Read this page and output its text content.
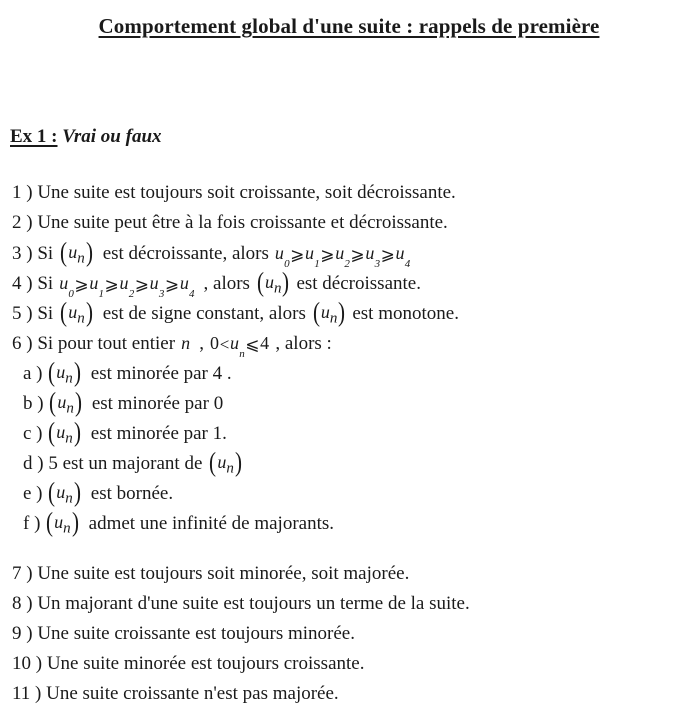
Comportement global d'une suite : rappels de première
Ex 1 : Vrai ou faux
1 ) Une suite est toujours soit croissante, soit décroissante.
2 ) Une suite peut être à la fois croissante et décroissante.
3 ) Si $(u_n)$ est décroissante, alors $u_0⩾u_1⩾u_2⩾u_3⩾u_4$
4 ) Si $u_0⩾u_1⩾u_2⩾u_3⩾u_4$ , alors $(u_n)$ est décroissante.
5 ) Si $(u_n)$ est de signe constant, alors $(u_n)$ est monotone.
6 ) Si pour tout entier n , $0<u_n⩽4$ , alors :
a ) $(u_n)$ est minorée par 4 .
b ) $(u_n)$ est minorée par 0
c ) $(u_n)$ est minorée par 1.
d ) 5 est un majorant de $(u_n)$
e ) $(u_n)$ est bornée.
f ) $(u_n)$ admet une infinité de majorants.
7 ) Une suite est toujours soit minorée, soit majorée.
8 ) Un majorant d'une suite est toujours un terme de la suite.
9 ) Une suite croissante est toujours minorée.
10 ) Une suite minorée est toujours croissante.
11 ) Une suite croissante n'est pas majorée.
